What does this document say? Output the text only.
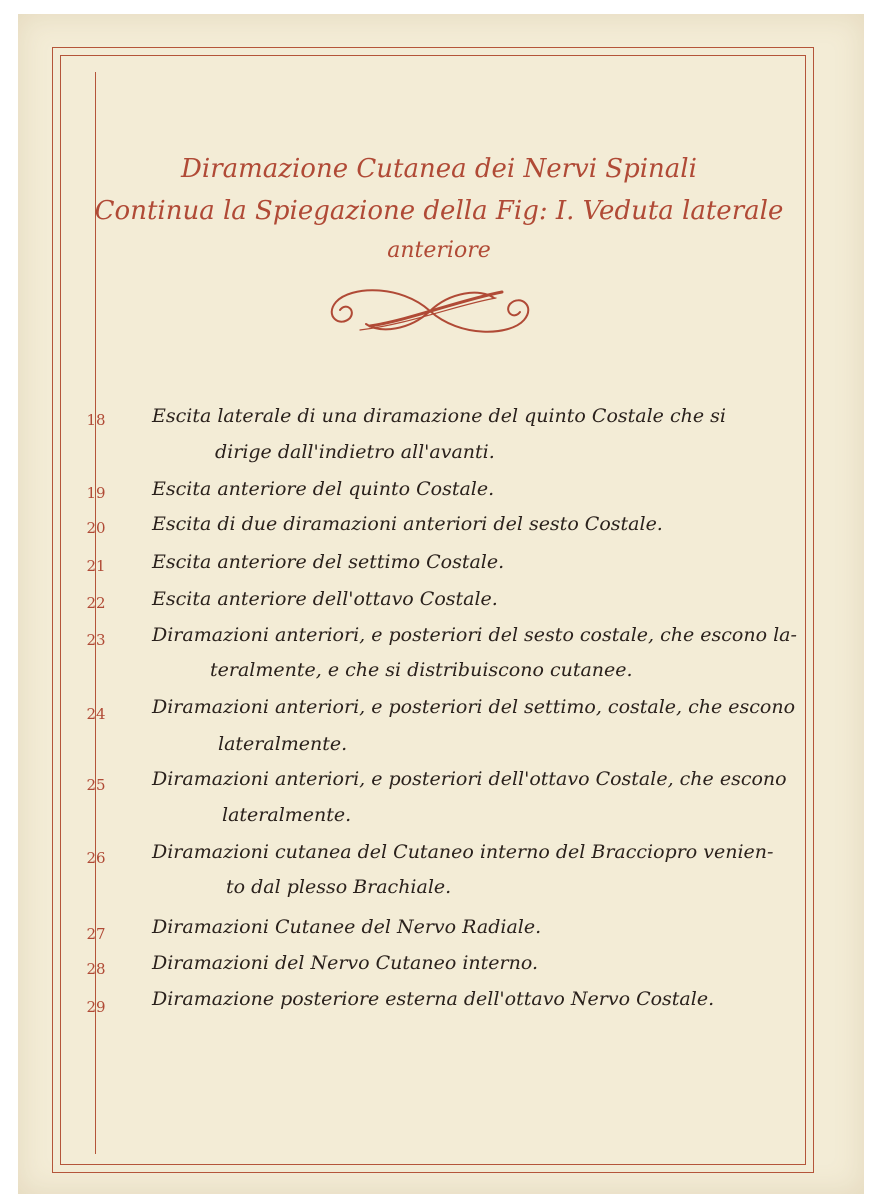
Diramazione Cutanea dei Nervi Spinali
Continua la Spiegazione della Fig: I. Veduta laterale
anteriore
18	Escita laterale di una diramazione del quinto Costale che si
dirige dall'indietro all'avanti.
19	Escita anteriore del quinto Costale.
20	Escita di due diramazioni anteriori del sesto Costale.
21	Escita anteriore del settimo Costale.
22	Escita anteriore dell'ottavo Costale.
23	Diramazioni anteriori, e posteriori del sesto costale, che escono la-
teralmente, e che si distribuiscono cutanee.
24	Diramazioni anteriori, e posteriori del settimo, costale, che escono
lateralmente.
25	Diramazioni anteriori, e posteriori dell'ottavo Costale, che escono
lateralmente.
26	Diramazioni cutanea del Cutaneo interno del Bracciopro venien-
to dal plesso Brachiale.
27	Diramazioni Cutanee del Nervo Radiale.
28	Diramazioni del Nervo Cutaneo interno.
29	Diramazione posteriore esterna dell'ottavo Nervo Costale.
